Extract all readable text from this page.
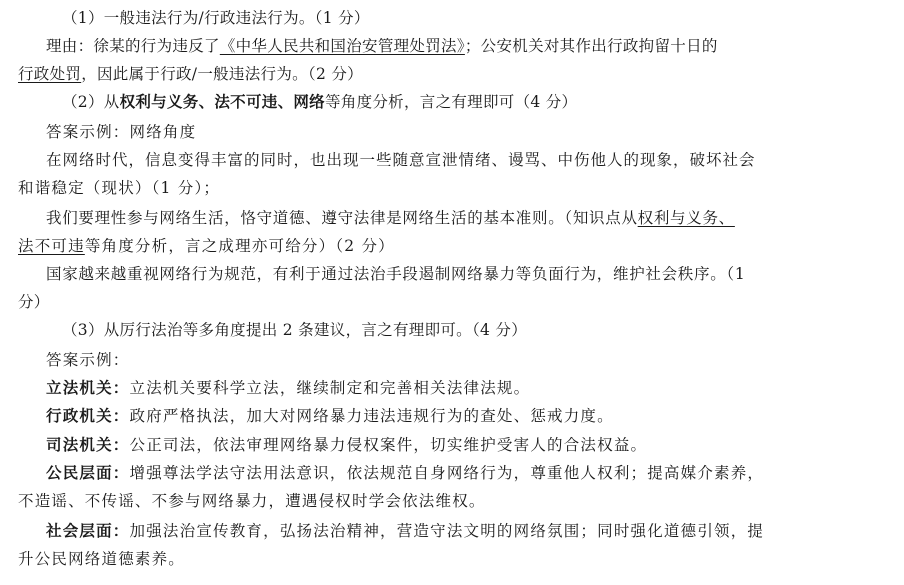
（1）一般违法行为/行政违法行为。（1 分）
理由：徐某的行为违反了《中华人民共和国治安管理处罚法》；公安机关对其作出行政拘留十日的
行政处罚，因此属于行政/一般违法行为。（2 分）
（2）从权利与义务、法不可违、网络等角度分析，言之有理即可（4 分）
答案示例：网络角度
在网络时代，信息变得丰富的同时，也出现一些随意宣泄情绪、谩骂、中伤他人的现象，破坏社会
和谐稳定（现状）（1 分）；
我们要理性参与网络生活，恪守道德、遵守法律是网络生活的基本准则。（知识点从权利与义务、
法不可违等角度分析，言之成理亦可给分）（2 分）
国家越来越重视网络行为规范，有利于通过法治手段遏制网络暴力等负面行为，维护社会秩序。（1
分）
（3）从厉行法治等多角度提出 2 条建议，言之有理即可。（4 分）
答案示例：
立法机关：立法机关要科学立法，继续制定和完善相关法律法规。
行政机关：政府严格执法，加大对网络暴力违法违规行为的查处、惩戒力度。
司法机关：公正司法，依法审理网络暴力侵权案件，切实维护受害人的合法权益。
公民层面：增强尊法学法守法用法意识，依法规范自身网络行为，尊重他人权利；提高媒介素养，
不造谣、不传谣、不参与网络暴力，遭遇侵权时学会依法维权。
社会层面：加强法治宣传教育，弘扬法治精神，营造守法文明的网络氛围；同时强化道德引领，提
升公民网络道德素养。
